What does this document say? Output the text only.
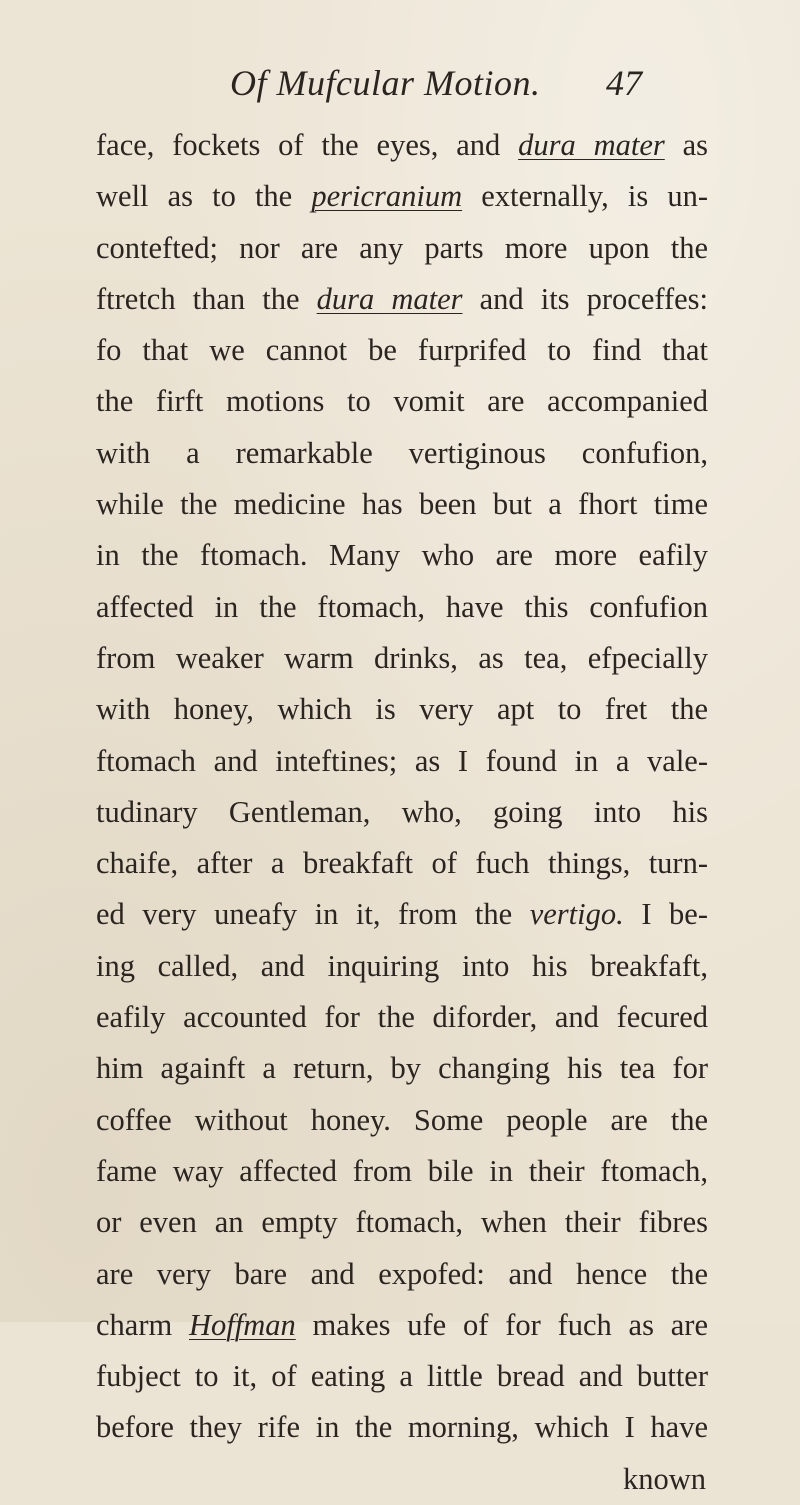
Of Mufcular Motion. 47
face, fockets of the eyes, and dura mater as
well as to the pericranium externally, is un-
contefted; nor are any parts more upon the
ftretch than the dura mater and its proceffes:
fo that we cannot be furprifed to find that
the firft motions to vomit are accompanied
with a remarkable vertiginous confufion,
while the medicine has been but a fhort time
in the ftomach. Many who are more eafily
affected in the ftomach, have this confufion
from weaker warm drinks, as tea, efpecially
with honey, which is very apt to fret the
ftomach and inteftines; as I found in a vale-
tudinary Gentleman, who, going into his
chaife, after a breakfaft of fuch things, turn-
ed very uneafy in it, from the vertigo. I be-
ing called, and inquiring into his breakfaft,
eafily accounted for the diforder, and fecured
him againft a return, by changing his tea for
coffee without honey. Some people are the
fame way affected from bile in their ftomach,
or even an empty ftomach, when their fibres
are very bare and expofed: and hence the
charm Hoffman makes ufe of for fuch as are
fubject to it, of eating a little bread and butter
before they rife in the morning, which I have
known
